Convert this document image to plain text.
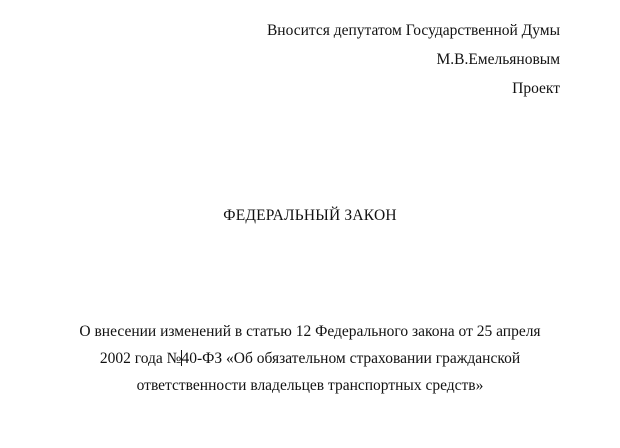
Вносится депутатом Государственной Думы
М.В.Емельяновым
Проект
ФЕДЕРАЛЬНЫЙ ЗАКОН
О внесении изменений в статью 12 Федерального закона от 25 апреля
2002 года №40-ФЗ «Об обязательном страховании гражданской
ответственности владельцев транспортных средств»
